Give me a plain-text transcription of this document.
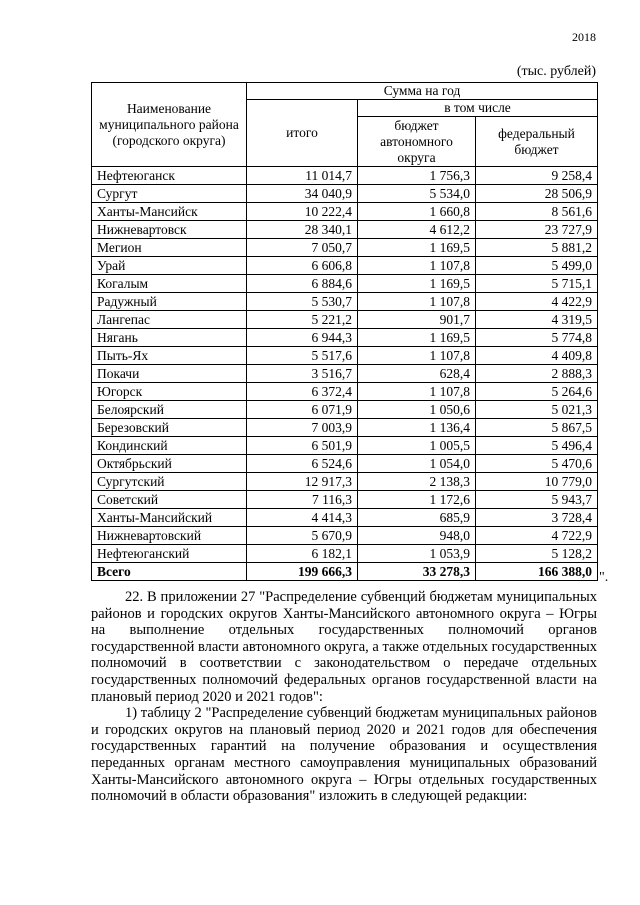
2018
(тыс. рублей)
Наименование муниципального района (городского округа)	Сумма на год		
	итого	в том числе	
		бюджет автономного округа	федеральный бюджет
Нефтеюганск	11 014,7	1 756,3	9 258,4
Сургут	34 040,9	5 534,0	28 506,9
Ханты-Мансийск	10 222,4	1 660,8	8 561,6
Нижневартовск	28 340,1	4 612,2	23 727,9
Мегион	7 050,7	1 169,5	5 881,2
Урай	6 606,8	1 107,8	5 499,0
Когалым	6 884,6	1 169,5	5 715,1
Радужный	5 530,7	1 107,8	4 422,9
Лангепас	5 221,2	901,7	4 319,5
Нягань	6 944,3	1 169,5	5 774,8
Пыть-Ях	5 517,6	1 107,8	4 409,8
Покачи	3 516,7	628,4	2 888,3
Югорск	6 372,4	1 107,8	5 264,6
Белоярский	6 071,9	1 050,6	5 021,3
Березовский	7 003,9	1 136,4	5 867,5
Кондинский	6 501,9	1 005,5	5 496,4
Октябрьский	6 524,6	1 054,0	5 470,6
Сургутский	12 917,3	2 138,3	10 779,0
Советский	7 116,3	1 172,6	5 943,7
Ханты-Мансийский	4 414,3	685,9	3 728,4
Нижневартовский	5 670,9	948,0	4 722,9
Нефтеюганский	6 182,1	1 053,9	5 128,2
Всего	199 666,3	33 278,3	166 388,0 ".

22. В приложении 27 "Распределение субвенций бюджетам муниципальных районов и городских округов Ханты-Мансийского автономного округа – Югры на выполнение отдельных государственных полномочий органов государственной власти автономного округа, а также отдельных государственных полномочий в соответствии с законодательством о передаче отдельных государственных полномочий федеральных органов государственной власти на плановый период 2020 и 2021 годов":

1) таблицу 2 "Распределение субвенций бюджетам муниципальных районов и городских округов на плановый период 2020 и 2021 годов для обеспечения государственных гарантий на получение образования и осуществления переданных органам местного самоуправления муниципальных образований Ханты-Мансийского автономного округа – Югры отдельных государственных полномочий в области образования" изложить в следующей редакции:
